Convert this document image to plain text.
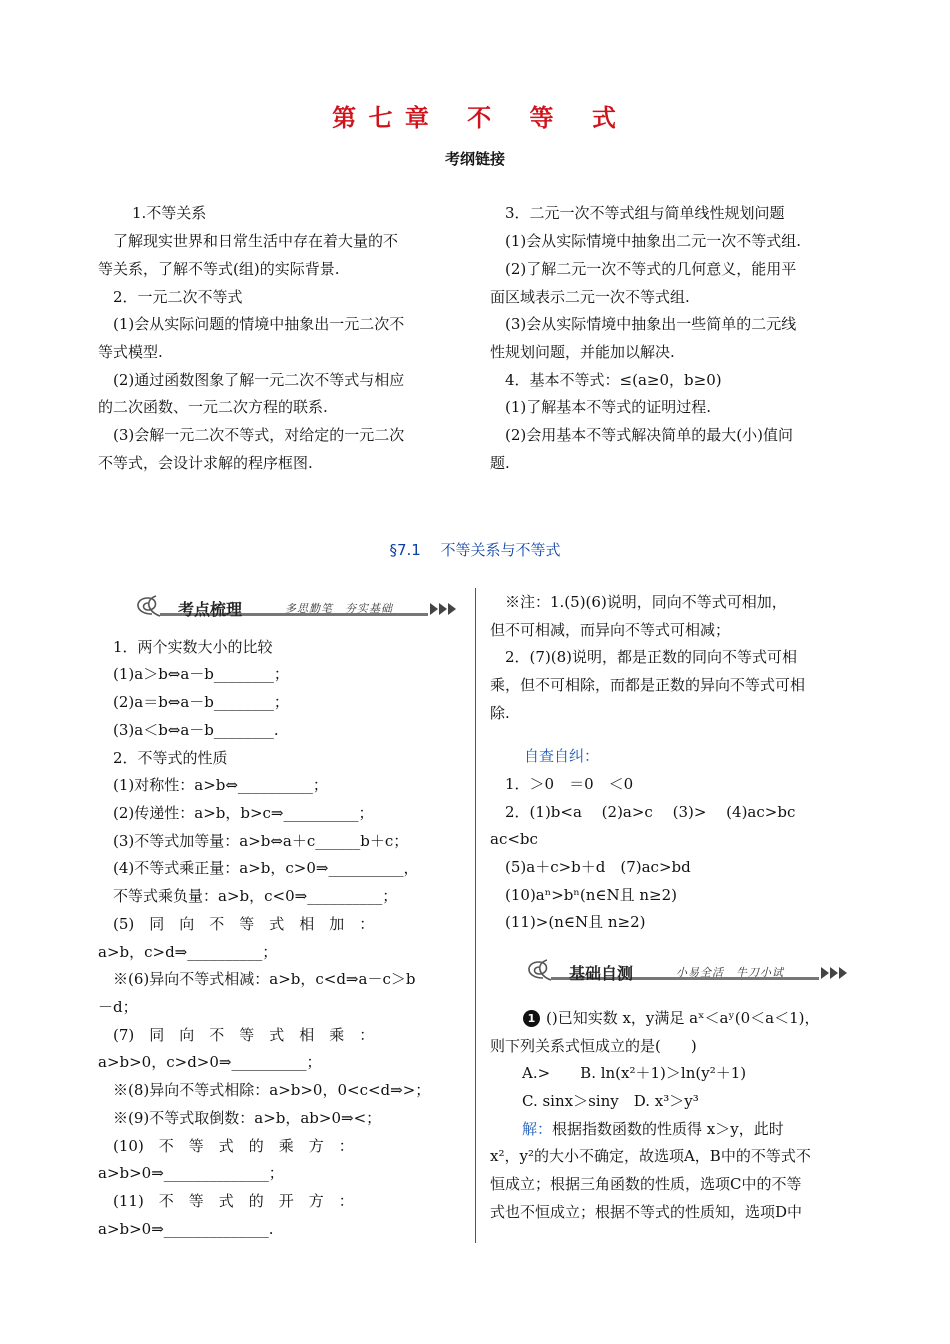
第 七 章　 不　 等　 式
考纲链接
1.不等关系
　了解现实世界和日常生活中存在着大量的不
等关系，了解不等式(组)的实际背景.
　2．一元二次不等式
　(1)会从实际问题的情境中抽象出一元二次不
等式模型.
　(2)通过函数图象了解一元二次不等式与相应
的二次函数、一元二次方程的联系.
　(3)会解一元二次不等式，对给定的一元二次
不等式，会设计求解的程序框图.
　3．二元一次不等式组与简单线性规划问题
　(1)会从实际情境中抽象出二元一次不等式组.
　(2)了解二元一次不等式的几何意义，能用平
面区域表示二元一次不等式组.
　(3)会从实际情境中抽象出一些简单的二元线
性规划问题，并能加以解决.
　4．基本不等式：≤(a≥0，b≥0)
　(1)了解基本不等式的证明过程.
　(2)会用基本不等式解决简单的最大(小)值问
题.
§7.1　 不等关系与不等式
考点梳理	多思勤笔　夯实基础
　1．两个实数大小的比较
　(1)a＞b⇔a－b________；
　(2)a＝b⇔a－b________；
　(3)a＜b⇔a－b________.
　2．不等式的性质
　(1)对称性：a>b⇔__________；
　(2)传递性：a>b，b>c⇒__________；
　(3)不等式加等量：a>b⇔a＋c______b＋c；
　(4)不等式乘正量：a>b，c>0⇒__________，
　不等式乘负量：a>b，c<0⇒__________；
　(5)　同　向　不　等　式　相　加　：
a>b，c>d⇒__________；
　※(6)异向不等式相减：a>b，c<d⇒a－c＞b
－d；
　(7)　同　向　不　等　式　相　乘　：
a>b>0，c>d>0⇒__________；
　※(8)异向不等式相除：a>b>0，0<c<d⇒>；
　※(9)不等式取倒数：a>b，ab>0⇒<；
　(10)　不　等　式　的　乘　方　：
a>b>0⇒______________；
　(11)　不　等　式　的　开　方　：
a>b>0⇒______________.
　※注：1.(5)(6)说明，同向不等式可相加，
但不可相减，而异向不等式可相减；
　2．(7)(8)说明，都是正数的同向不等式可相
乘，但不可相除，而都是正数的异向不等式可相
除.
自查自纠：
　1．＞0　＝0　＜0
　2．(1)b<a　 (2)a>c　 (3)>　 (4)ac>bc
ac<bc
　(5)a＋c>b＋d　(7)ac>bd
　(10)aⁿ>bⁿ(n∈N且 n≥2)
　(11)>(n∈N且 n≥2)
基础自测	小易全活　牛刀小试
1 ()已知实数 x，y满足 aˣ＜aʸ(0＜a＜1)，
则下列关系式恒成立的是(　　)
A.>　　B. ln(x²＋1)＞ln(y²＋1)
C. sinx＞siny　D. x³＞y³
解：根据指数函数的性质得 x＞y，此时
x²，y²的大小不确定，故选项A，B中的不等式不
恒成立；根据三角函数的性质，选项C中的不等
式也不恒成立；根据不等式的性质知，选项D中
